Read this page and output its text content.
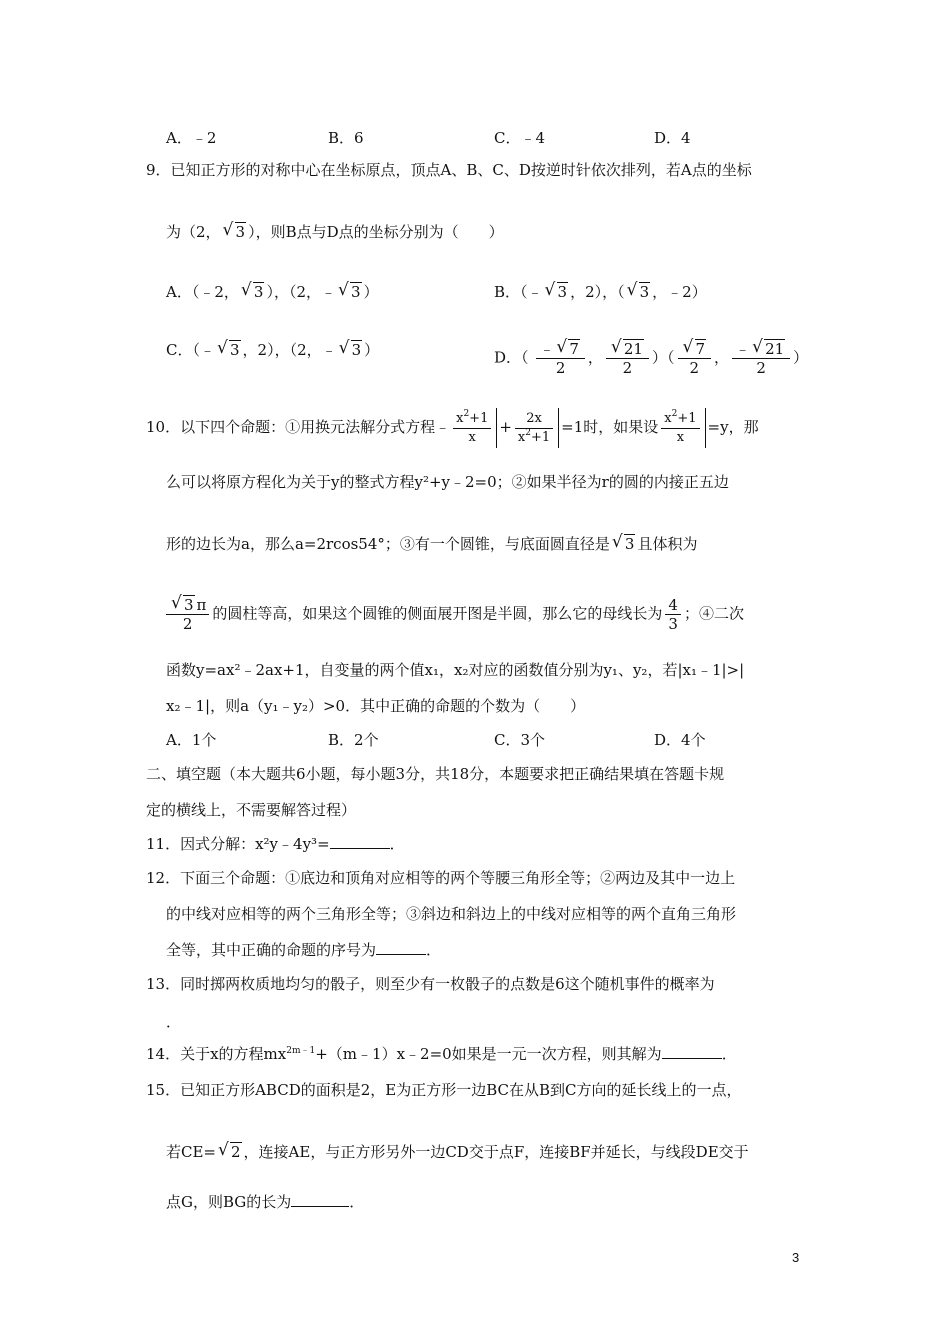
A．﹣2	B．6	C．﹣4	D．4
9．已知正方形的对称中心在坐标原点，顶点A、B、C、D按逆时针依次排列，若A点的坐标
为（2， √ 3 ），则B点与D点的坐标分别为（　　）
A．（﹣2， √ 3 ），（2，﹣ √ 3 ）	B．（﹣ √ 3 ，2），（ √ 3 ，﹣2）
C．（﹣ √ 3 ，2），（2，﹣ √ 3 ）	D．（ $\frac{﹣ √ 7}{2}$ ， √ $\frac{21}{2}$ ）（ √ $\frac{7}{2}$ ， $\frac{﹣ √ 21}{2}$ ）
10．以下四个命题：①用换元法解分式方程﹣ $\frac{x^2+1}{x} + \frac{2x}{x^2+1} =1$时，如果设 $\frac{x^2+1}{x} =y$，那
么可以将原方程化为关于y的整式方程y²+y﹣2=0；②如果半径为r的圆的内接正五边
形的边长为a，那么a=2rcos54°；③有一个圆锥，与底面圆直径是 √ 3 且体积为
√ $\frac{3 \pi}{2}$ 的圆柱等高，如果这个圆锥的侧面展开图是半圆，那么它的母线长为 $\frac{4}{3}$ ；④二次
函数y=ax²﹣2ax+1，自变量的两个值x₁，x₂对应的函数值分别为y₁、y₂，若|x₁﹣1|>|
x₂﹣1|，则a（y₁﹣y₂）>0．其中正确的命题的个数为（　　）
A．1个	B．2个	C．3个	D．4个
二、填空题（本大题共6小题，每小题3分，共18分，本题要求把正确结果填在答题卡规
定的横线上，不需要解答过程）
11．因式分解：x²y﹣4y³=	．
12．下面三个命题：①底边和顶角对应相等的两个等腰三角形全等；②两边及其中一边上
的中线对应相等的两个三角形全等；③斜边和斜边上的中线对应相等的两个直角三角形
全等，其中正确的命题的序号为	．
13．同时掷两枚质地均匀的骰子，则至少有一枚骰子的点数是6这个随机事件的概率为
．
14．关于x的方程$mx^{2m﹣1}+(m﹣1)x﹣2=0$如果是一元一次方程，则其解为	．
15．已知正方形ABCD的面积是2，E为正方形一边BC在从B到C方向的延长线上的一点，
若CE= √ 2 ，连接AE，与正方形另外一边CD交于点F，连接BF并延长，与线段DE交于
点G，则BG的长为	．
3
